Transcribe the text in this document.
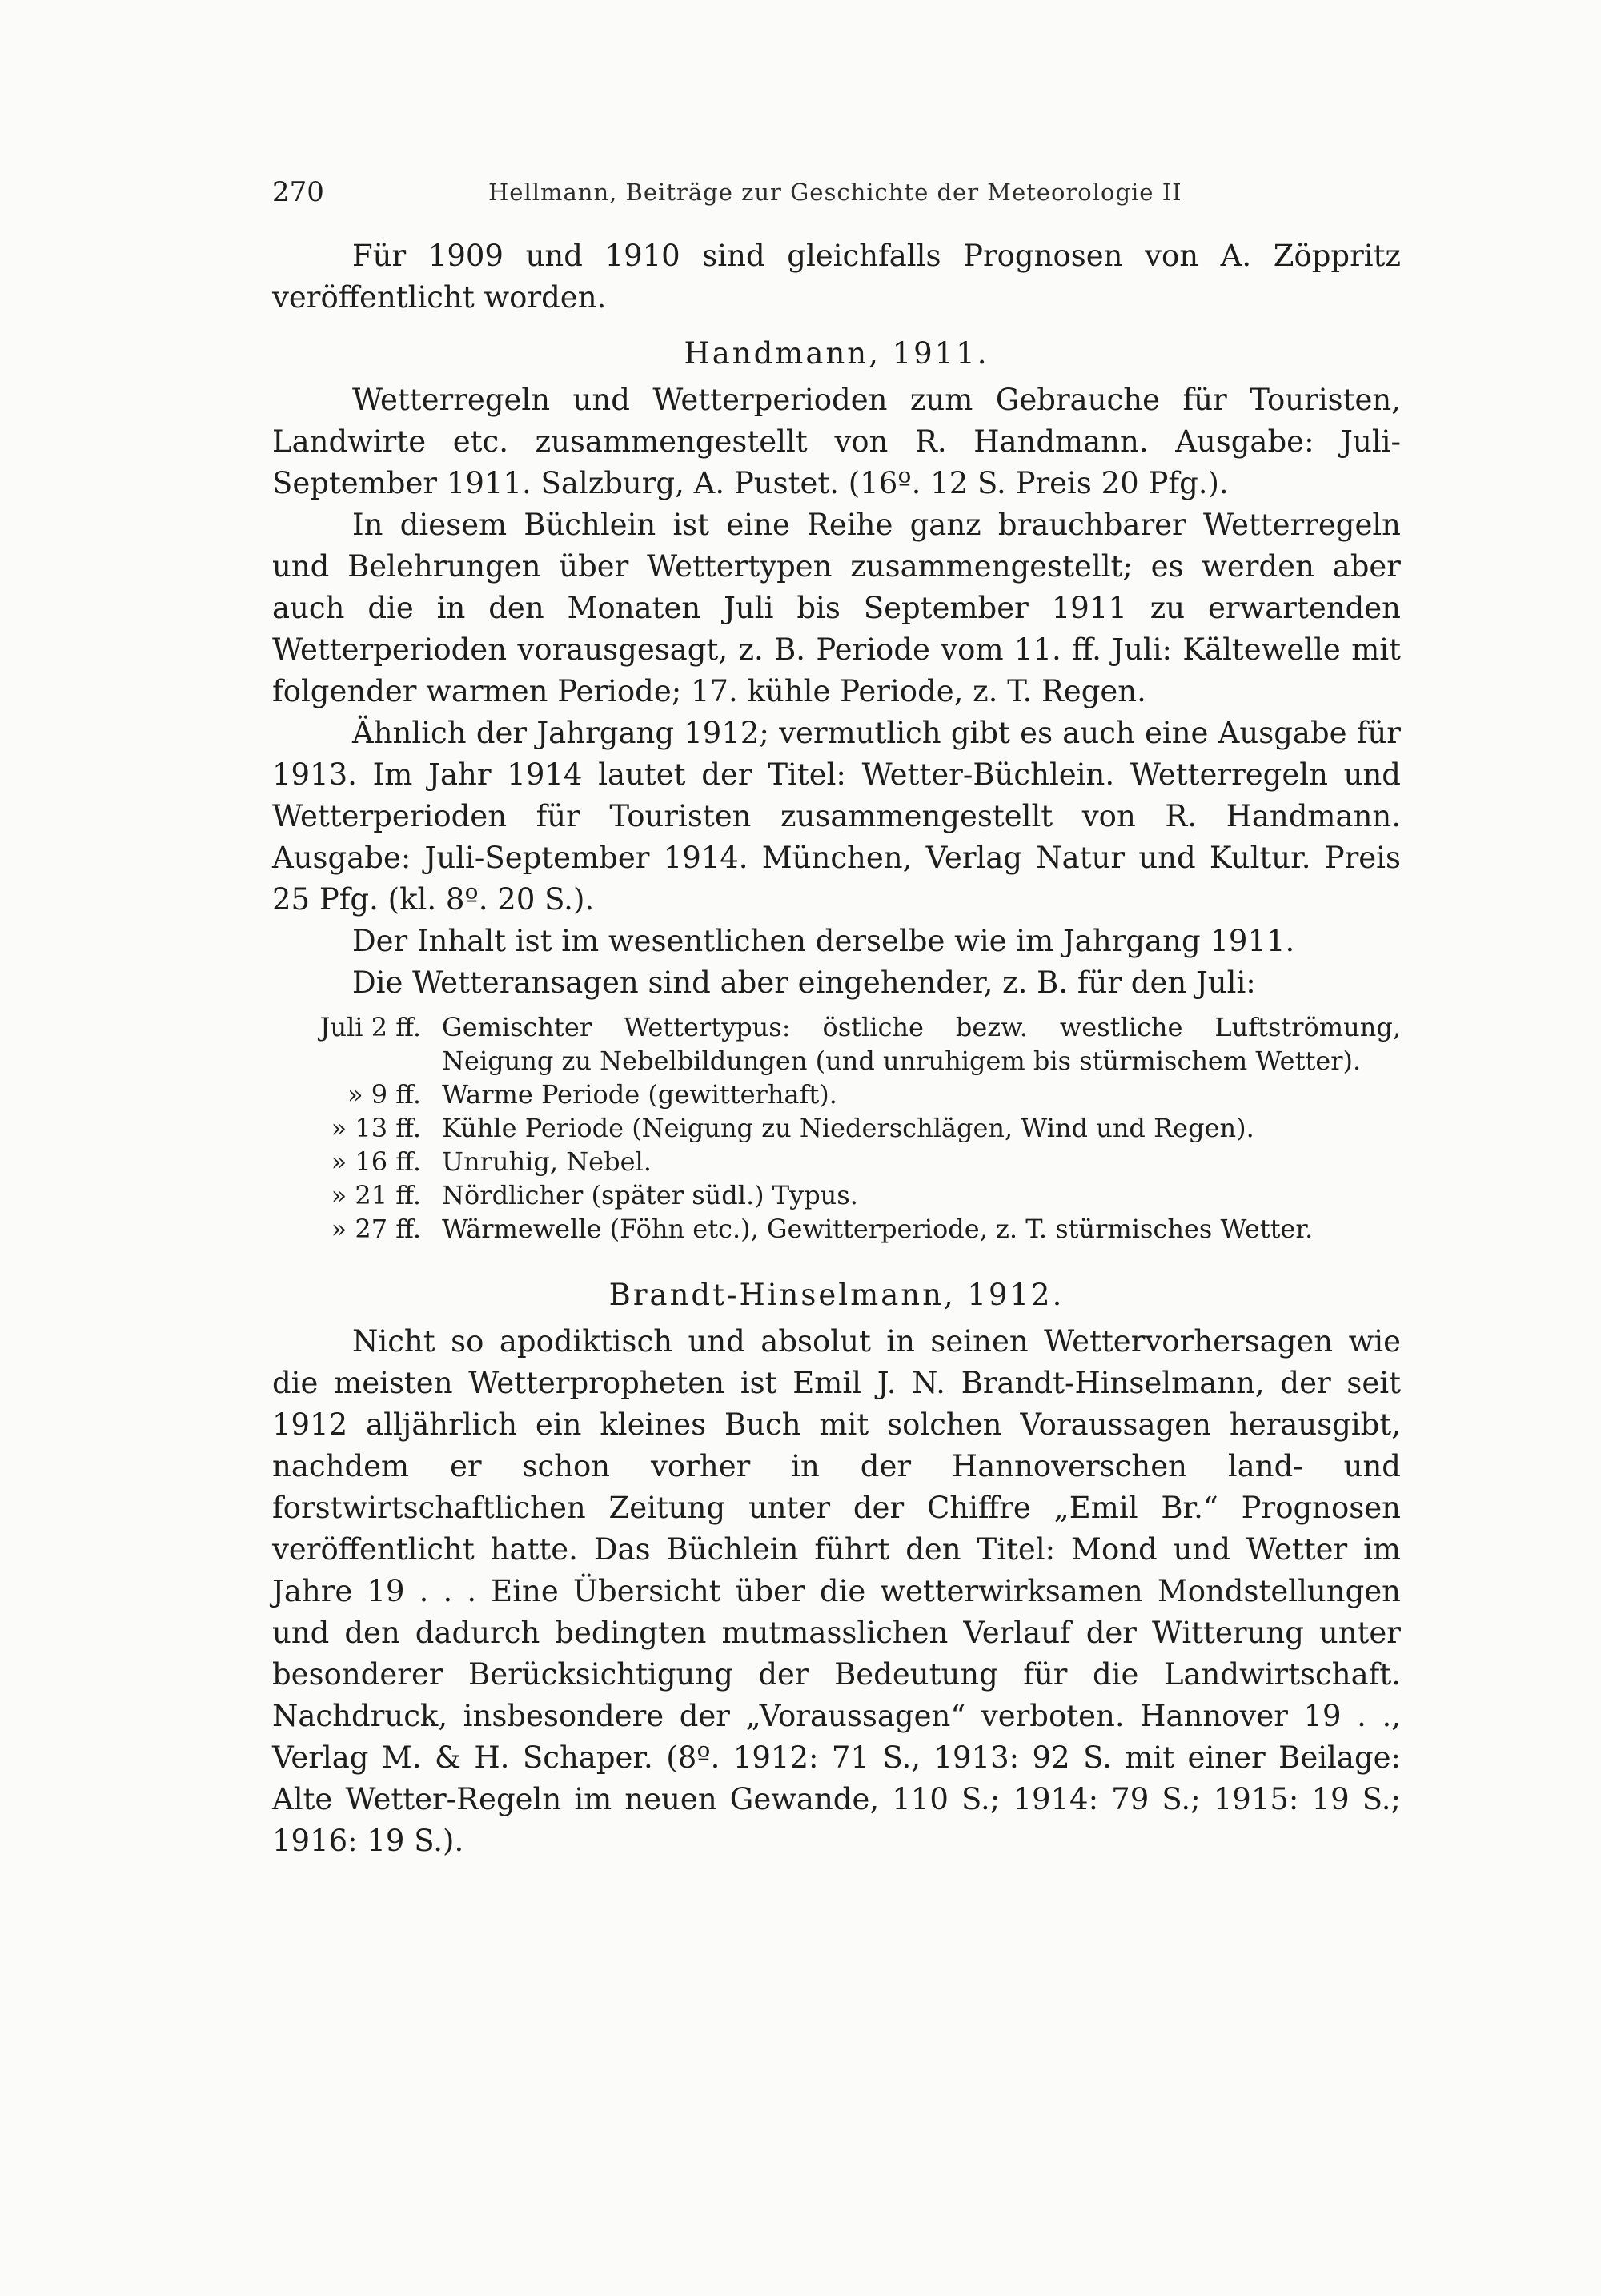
270	Hellmann, Beiträge zur Geschichte der Meteorologie II

Für 1909 und 1910 sind gleichfalls Prognosen von A. Zöppritz veröffentlicht worden.

Handmann, 1911.

Wetterregeln und Wetterperioden zum Gebrauche für Touristen, Landwirte etc. zusammengestellt von R. Handmann. Ausgabe: Juli-September 1911. Salzburg, A. Pustet. (16º. 12 S. Preis 20 Pfg.).

In diesem Büchlein ist eine Reihe ganz brauchbarer Wetterregeln und Belehrungen über Wettertypen zusammengestellt; es werden aber auch die in den Monaten Juli bis September 1911 zu erwartenden Wetterperioden vorausgesagt, z. B. Periode vom 11. ff. Juli: Kältewelle mit folgender warmen Periode; 17. kühle Periode, z. T. Regen.

Ähnlich der Jahrgang 1912; vermutlich gibt es auch eine Ausgabe für 1913. Im Jahr 1914 lautet der Titel: Wetter-Büchlein. Wetterregeln und Wetterperioden für Touristen zusammengestellt von R. Handmann. Ausgabe: Juli-September 1914. München, Verlag Natur und Kultur. Preis 25 Pfg. (kl. 8º. 20 S.).

Der Inhalt ist im wesentlichen derselbe wie im Jahrgang 1911.

Die Wetteransagen sind aber eingehender, z. B. für den Juli:

Juli 2 ff. Gemischter Wettertypus: östliche bezw. westliche Luftströmung, Neigung zu Nebelbildungen (und unruhigem bis stürmischem Wetter).
» 9 ff. Warme Periode (gewitterhaft).
» 13 ff. Kühle Periode (Neigung zu Niederschlägen, Wind und Regen).
» 16 ff. Unruhig, Nebel.
» 21 ff. Nördlicher (später südl.) Typus.
» 27 ff. Wärmewelle (Föhn etc.), Gewitterperiode, z. T. stürmisches Wetter.
Brandt-Hinselmann, 1912.

Nicht so apodiktisch und absolut in seinen Wettervorhersagen wie die meisten Wetterpropheten ist Emil J. N. Brandt-Hinselmann, der seit 1912 alljährlich ein kleines Buch mit solchen Voraussagen herausgibt, nachdem er schon vorher in der Hannoverschen land- und forstwirtschaftlichen Zeitung unter der Chiffre „Emil Br.“ Prognosen veröffentlicht hatte. Das Büchlein führt den Titel: Mond und Wetter im Jahre 19 . . . Eine Übersicht über die wetterwirksamen Mondstellungen und den dadurch bedingten mutmasslichen Verlauf der Witterung unter besonderer Berücksichtigung der Bedeutung für die Landwirtschaft. Nachdruck, insbesondere der „Voraussagen“ verboten. Hannover 19 . ., Verlag M. & H. Schaper. (8º. 1912: 71 S., 1913: 92 S. mit einer Beilage: Alte Wetter-Regeln im neuen Gewande, 110 S.; 1914: 79 S.; 1915: 19 S.; 1916: 19 S.).
